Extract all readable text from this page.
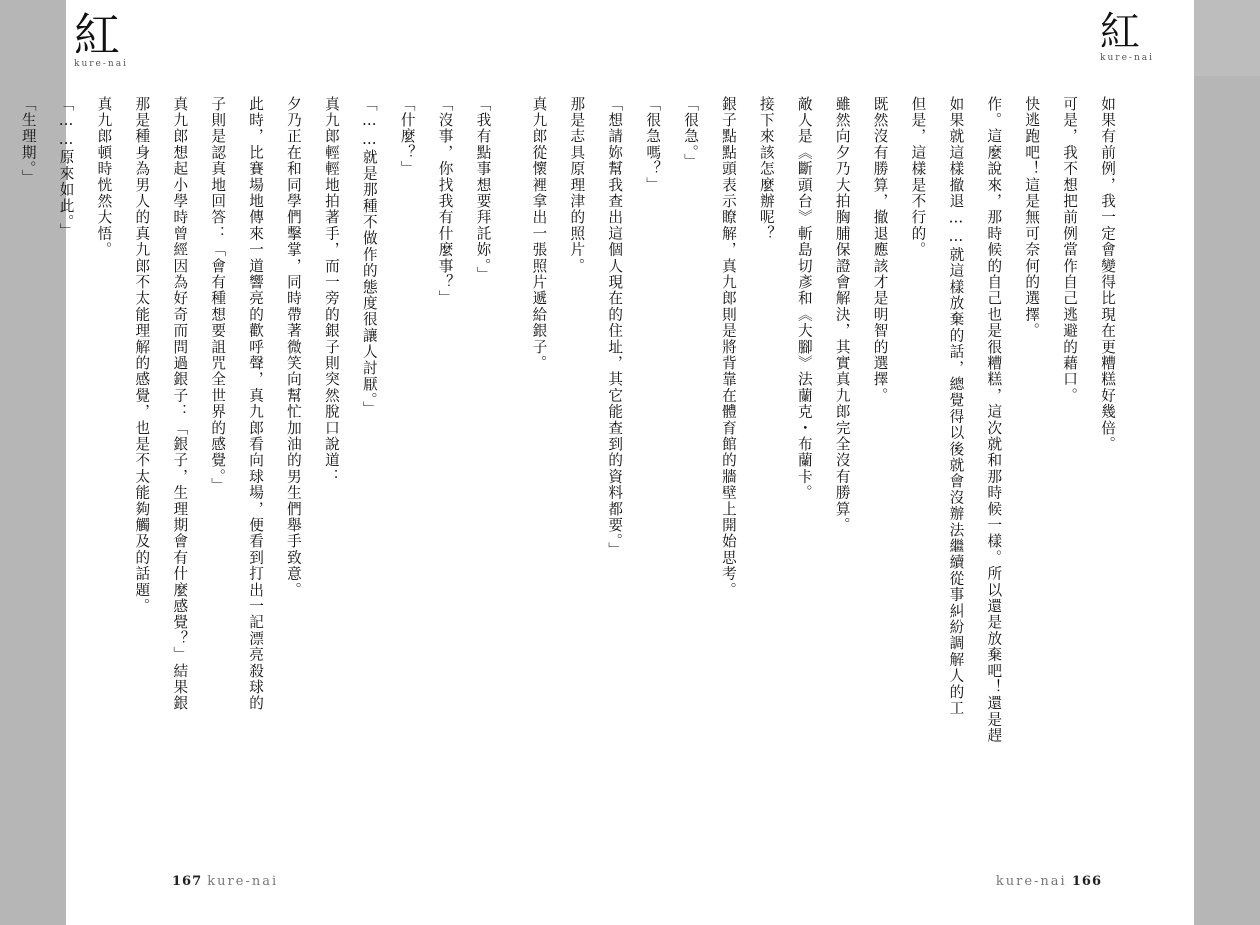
紅
kure-nai
紅
kure-nai
「生理期。」	「……原來如此。」	真九郎頓時恍然大悟。	那是種身為男人的真九郎不太能理解的感覺，也是不太能夠觸及的話題。	真九郎想起小學時曾經因為好奇而問過銀子：「銀子，生理期會有什麼感覺？」結果銀	子則是認真地回答：「會有種想要詛咒全世界的感覺。」	此時，比賽場地傳來一道響亮的歡呼聲，真九郎看向球場，便看到打出一記漂亮殺球的	夕乃正在和同學們擊掌，同時帶著微笑向幫忙加油的男生們舉手致意。	真九郎輕輕地拍著手，而一旁的銀子則突然脫口說道：	「……就是那種不做作的態度很讓人討厭。」	「什麼？」	「沒事，你找我有什麼事？」	「我有點事想要拜託妳。」	真九郎從懷裡拿出一張照片遞給銀子。	那是志具原理津的照片。	「想請妳幫我查出這個人現在的住址，其它能查到的資料都要。」	「很急嗎？」	「很急。」	銀子點點頭表示瞭解，真九郎則是將背靠在體育館的牆壁上開始思考。	接下來該怎麼辦呢？	敵人是《斷頭台》斬島切彥和《大腳》法蘭克・布蘭卡。	雖然向夕乃大拍胸脯保證會解決，其實真九郎完全沒有勝算。	既然沒有勝算，撤退應該才是明智的選擇。	但是，這樣是不行的。	如果就這樣撤退……就這樣放棄的話，總覺得以後就會沒辦法繼續從事糾紛調解人的工	作。這麼說來，那時候的自己也是很糟糕，這次就和那時候一樣。所以還是放棄吧！還是趕	快逃跑吧！這是無可奈何的選擇。	可是，我不想把前例當作自己逃避的藉口。	如果有前例，我一定會變得比現在更糟糕好幾倍。
167 kure-nai	kure-nai 166
